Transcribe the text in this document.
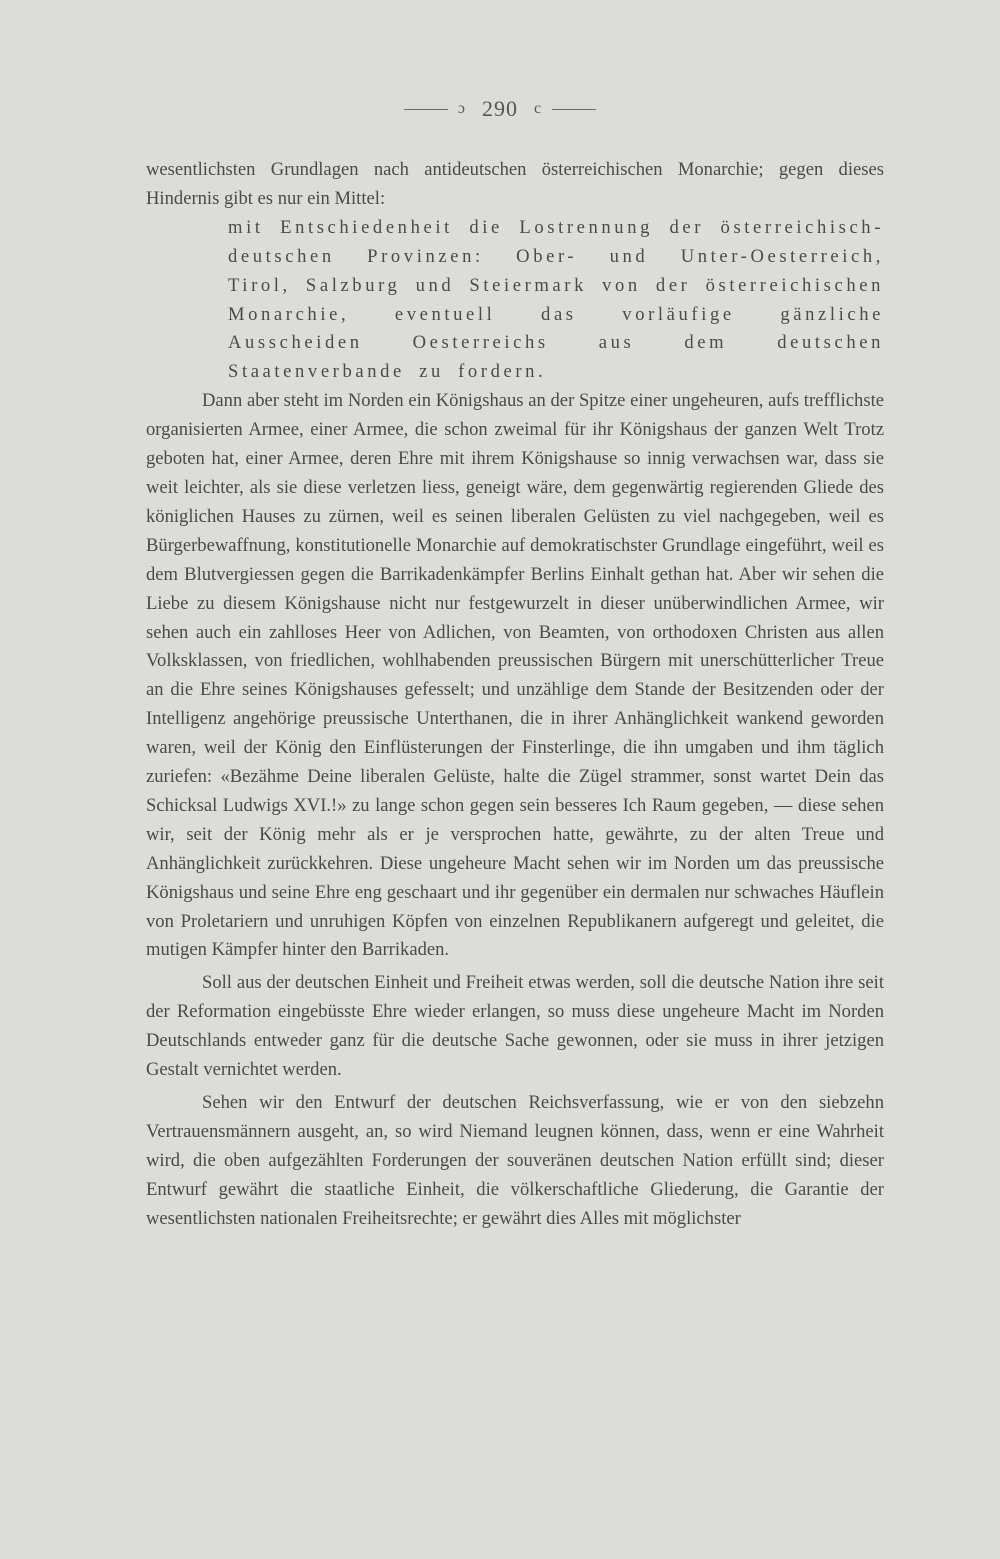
ɔ 290 c

wesentlichsten Grundlagen nach antideutschen österreichischen Monarchie; gegen dieses Hindernis gibt es nur ein Mittel:

mit Entschiedenheit die Lostrennung der österreichisch-deutschen Provinzen: Ober- und Unter-Oesterreich, Tirol, Salzburg und Steiermark von der österreichischen Monarchie, eventuell das vorläufige gänzliche Ausscheiden Oesterreichs aus dem deutschen Staatenverbande zu fordern.

Dann aber steht im Norden ein Königshaus an der Spitze einer ungeheuren, aufs trefflichste organisierten Armee, einer Armee, die schon zweimal für ihr Königshaus der ganzen Welt Trotz geboten hat, einer Armee, deren Ehre mit ihrem Königshause so innig verwachsen war, dass sie weit leichter, als sie diese verletzen liess, geneigt wäre, dem gegenwärtig regierenden Gliede des königlichen Hauses zu zürnen, weil es seinen liberalen Gelüsten zu viel nachgegeben, weil es Bürgerbewaffnung, konstitutionelle Monarchie auf demokratischster Grundlage eingeführt, weil es dem Blutvergiessen gegen die Barrikadenkämpfer Berlins Einhalt gethan hat. Aber wir sehen die Liebe zu diesem Königshause nicht nur festgewurzelt in dieser unüberwindlichen Armee, wir sehen auch ein zahlloses Heer von Adlichen, von Beamten, von orthodoxen Christen aus allen Volksklassen, von friedlichen, wohlhabenden preussischen Bürgern mit unerschütterlicher Treue an die Ehre seines Königshauses gefesselt; und unzählige dem Stande der Besitzenden oder der Intelligenz angehörige preussische Unterthanen, die in ihrer Anhänglichkeit wankend geworden waren, weil der König den Einflüsterungen der Finsterlinge, die ihn umgaben und ihm täglich zuriefen: «Bezähme Deine liberalen Gelüste, halte die Zügel strammer, sonst wartet Dein das Schicksal Ludwigs XVI.!» zu lange schon gegen sein besseres Ich Raum gegeben, — diese sehen wir, seit der König mehr als er je versprochen hatte, gewährte, zu der alten Treue und Anhänglichkeit zurückkehren. Diese ungeheure Macht sehen wir im Norden um das preussische Königshaus und seine Ehre eng geschaart und ihr gegenüber ein dermalen nur schwaches Häuflein von Proletariern und unruhigen Köpfen von einzelnen Republikanern aufgeregt und geleitet, die mutigen Kämpfer hinter den Barrikaden.

Soll aus der deutschen Einheit und Freiheit etwas werden, soll die deutsche Nation ihre seit der Reformation eingebüsste Ehre wieder erlangen, so muss diese ungeheure Macht im Norden Deutschlands entweder ganz für die deutsche Sache gewonnen, oder sie muss in ihrer jetzigen Gestalt vernichtet werden.

Sehen wir den Entwurf der deutschen Reichsverfassung, wie er von den siebzehn Vertrauensmännern ausgeht, an, so wird Niemand leugnen können, dass, wenn er eine Wahrheit wird, die oben aufgezählten Forderungen der souveränen deutschen Nation erfüllt sind; dieser Entwurf gewährt die staatliche Einheit, die völkerschaftliche Gliederung, die Garantie der wesentlichsten nationalen Freiheitsrechte; er gewährt dies Alles mit möglichster
